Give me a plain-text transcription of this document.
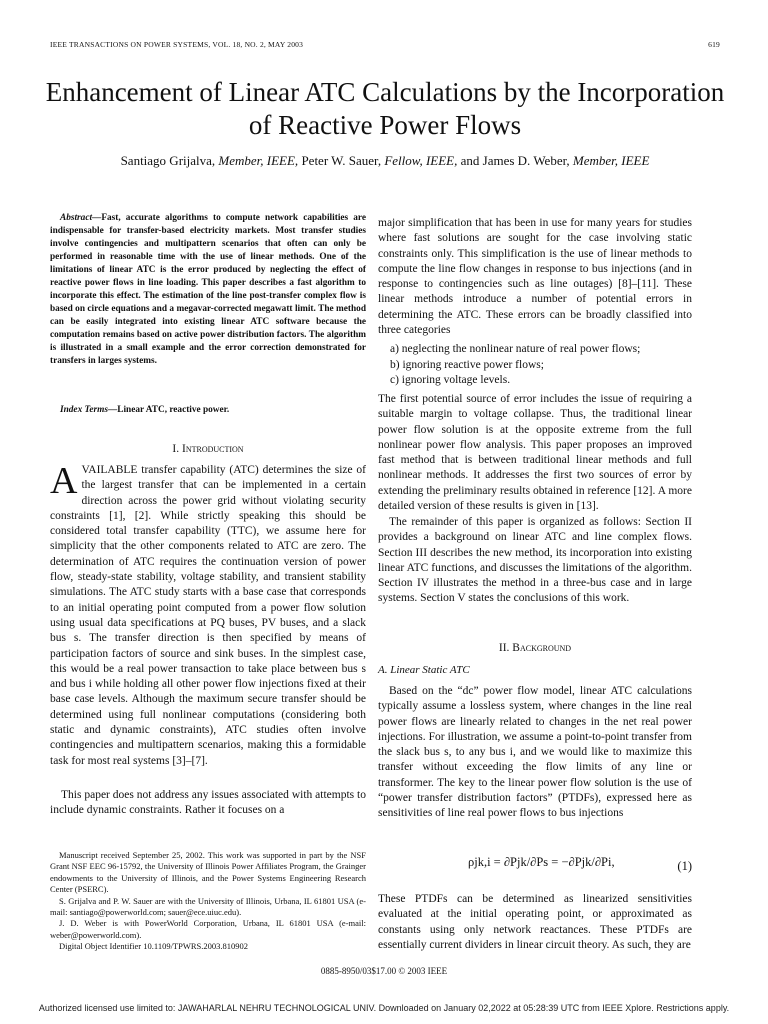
IEEE TRANSACTIONS ON POWER SYSTEMS, VOL. 18, NO. 2, MAY 2003	619
Enhancement of Linear ATC Calculations by the Incorporation of Reactive Power Flows
Santiago Grijalva, Member, IEEE, Peter W. Sauer, Fellow, IEEE, and James D. Weber, Member, IEEE
Abstract—Fast, accurate algorithms to compute network capabilities are indispensable for transfer-based electricity markets. Most transfer studies involve contingencies and multipattern scenarios that often can only be performed in reasonable time with the use of linear methods. One of the limitations of linear ATC is the error produced by neglecting the effect of reactive power flows in line loading. This paper describes a fast algorithm to incorporate this effect. The estimation of the line post-transfer complex flow is based on circle equations and a megavar-corrected megawatt limit. The method can be easily integrated into existing linear ATC software because the computation remains based on active power distribution factors. The algorithm is illustrated in a small example and the error correction demonstrated for transfers in larges systems.
Index Terms—Linear ATC, reactive power.
I. Introduction
AVAILABLE transfer capability (ATC) determines the size of the largest transfer that can be implemented in a certain direction across the power grid without violating security constraints [1], [2]. While strictly speaking this should be considered total transfer capability (TTC), we assume here for simplicity that the other components related to ATC are zero. The determination of ATC requires the continuation version of power flow, steady-state stability, voltage stability, and transient stability simulations. The ATC study starts with a base case that corresponds to an initial operating point computed from a power flow solution using usual data specifications at PQ buses, PV buses, and a slack bus s. The transfer direction is then specified by means of participation factors of source and sink buses. In the simplest case, this would be a real power transaction to take place between bus s and bus i while holding all other power flow injections fixed at their base case levels. Although the maximum secure transfer should be determined using full nonlinear computations (considering both static and dynamic constraints), ATC studies often involve contingencies and multipattern scenarios, making this a formidable task for most real systems [3]–[7].
This paper does not address any issues associated with attempts to include dynamic constraints. Rather it focuses on a

Manuscript received September 25, 2002. This work was supported in part by the NSF Grant NSF EEC 96-15792, the University of Illinois Power Affiliates Program, the Grainger endowments to the University of Illinois, and the Power Systems Engineering Research Center (PSERC).

S. Grijalva and P. W. Sauer are with the University of Illinois, Urbana, IL 61801 USA (e-mail: santiago@powerworld.com; sauer@ece.uiuc.edu).

J. D. Weber is with PowerWorld Corporation, Urbana, IL 61801 USA (e-mail: weber@powerworld.com).

Digital Object Identifier 10.1109/TPWRS.2003.810902

major simplification that has been in use for many years for studies where fast solutions are sought for the case involving static constraints only. This simplification is the use of linear methods to compute the line flow changes in response to bus injections (and in response to contingencies such as line outages) [8]–[11]. These linear methods introduce a number of potential errors in determining the ATC. These errors can be broadly classified into three categories
a) neglecting the nonlinear nature of real power flows;
b) ignoring reactive power flows;
c) ignoring voltage levels.
The first potential source of error includes the issue of requiring a suitable margin to voltage collapse. Thus, the traditional linear power flow solution is at the opposite extreme from the full nonlinear power flow analysis. This paper proposes an improved fast method that is between traditional linear methods and full nonlinear methods. It addresses the first two sources of error by extending the preliminary results obtained in reference [12]. A more detailed version of these results is given in [13].
The remainder of this paper is organized as follows: Section II provides a background on linear ATC and line complex flows. Section III describes the new method, its incorporation into existing linear ATC functions, and discusses the limitations of the algorithm. Section IV illustrates the method in a three-bus case and in large systems. Section V states the conclusions of this work.
II. Background
A. Linear Static ATC
Based on the “dc” power flow model, linear ATC calculations typically assume a lossless system, where changes in the line real power flows are linearly related to changes in the net real power injections. For illustration, we assume a point-to-point transfer from the slack bus s, to any bus i, and we would like to maximize this transfer without exceeding the flow limits of any line or transformer. The key to the linear power flow solution is the use of “power transfer distribution factors” (PTDFs), expressed here as sensitivities of line real power flows to bus injections
ρjk,i = ∂Pjk/∂Ps = −∂Pjk/∂Pi,	(1)
These PTDFs can be determined as linearized sensitivities evaluated at the initial operating point, or approximated as constants using only network reactances. These PTDFs are essentially current dividers in linear circuit theory. As such, they are
0885-8950/03$17.00 © 2003 IEEE
Authorized licensed use limited to: JAWAHARLAL NEHRU TECHNOLOGICAL UNIV. Downloaded on January 02,2022 at 05:28:39 UTC from IEEE Xplore. Restrictions apply.
